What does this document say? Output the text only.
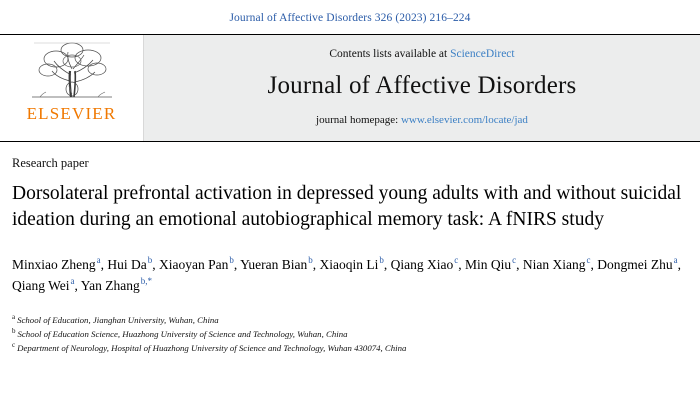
Journal of Affective Disorders 326 (2023) 216–224
ELSEVIER
Contents lists available at ScienceDirect
Journal of Affective Disorders
journal homepage: www.elsevier.com/locate/jad
Research paper
Dorsolateral prefrontal activation in depressed young adults with and without suicidal ideation during an emotional autobiographical memory task: A fNIRS study
Minxiao Zheng$^a$, Hui Da$^b$, Xiaoyan Pan$^b$, Yueran Bian$^b$, Xiaoqin Li$^b$, Qiang Xiao$^c$, Min Qiu$^c$, Nian Xiang$^c$, Dongmei Zhu$^a$, Qiang Wei$^a$, Yan Zhang$^{b,*}$
$^a$ School of Education, Jianghan University, Wuhan, China
$^b$ School of Education Science, Huazhong University of Science and Technology, Wuhan, China
$^c$ Department of Neurology, Hospital of Huazhong University of Science and Technology, Wuhan 430074, China
